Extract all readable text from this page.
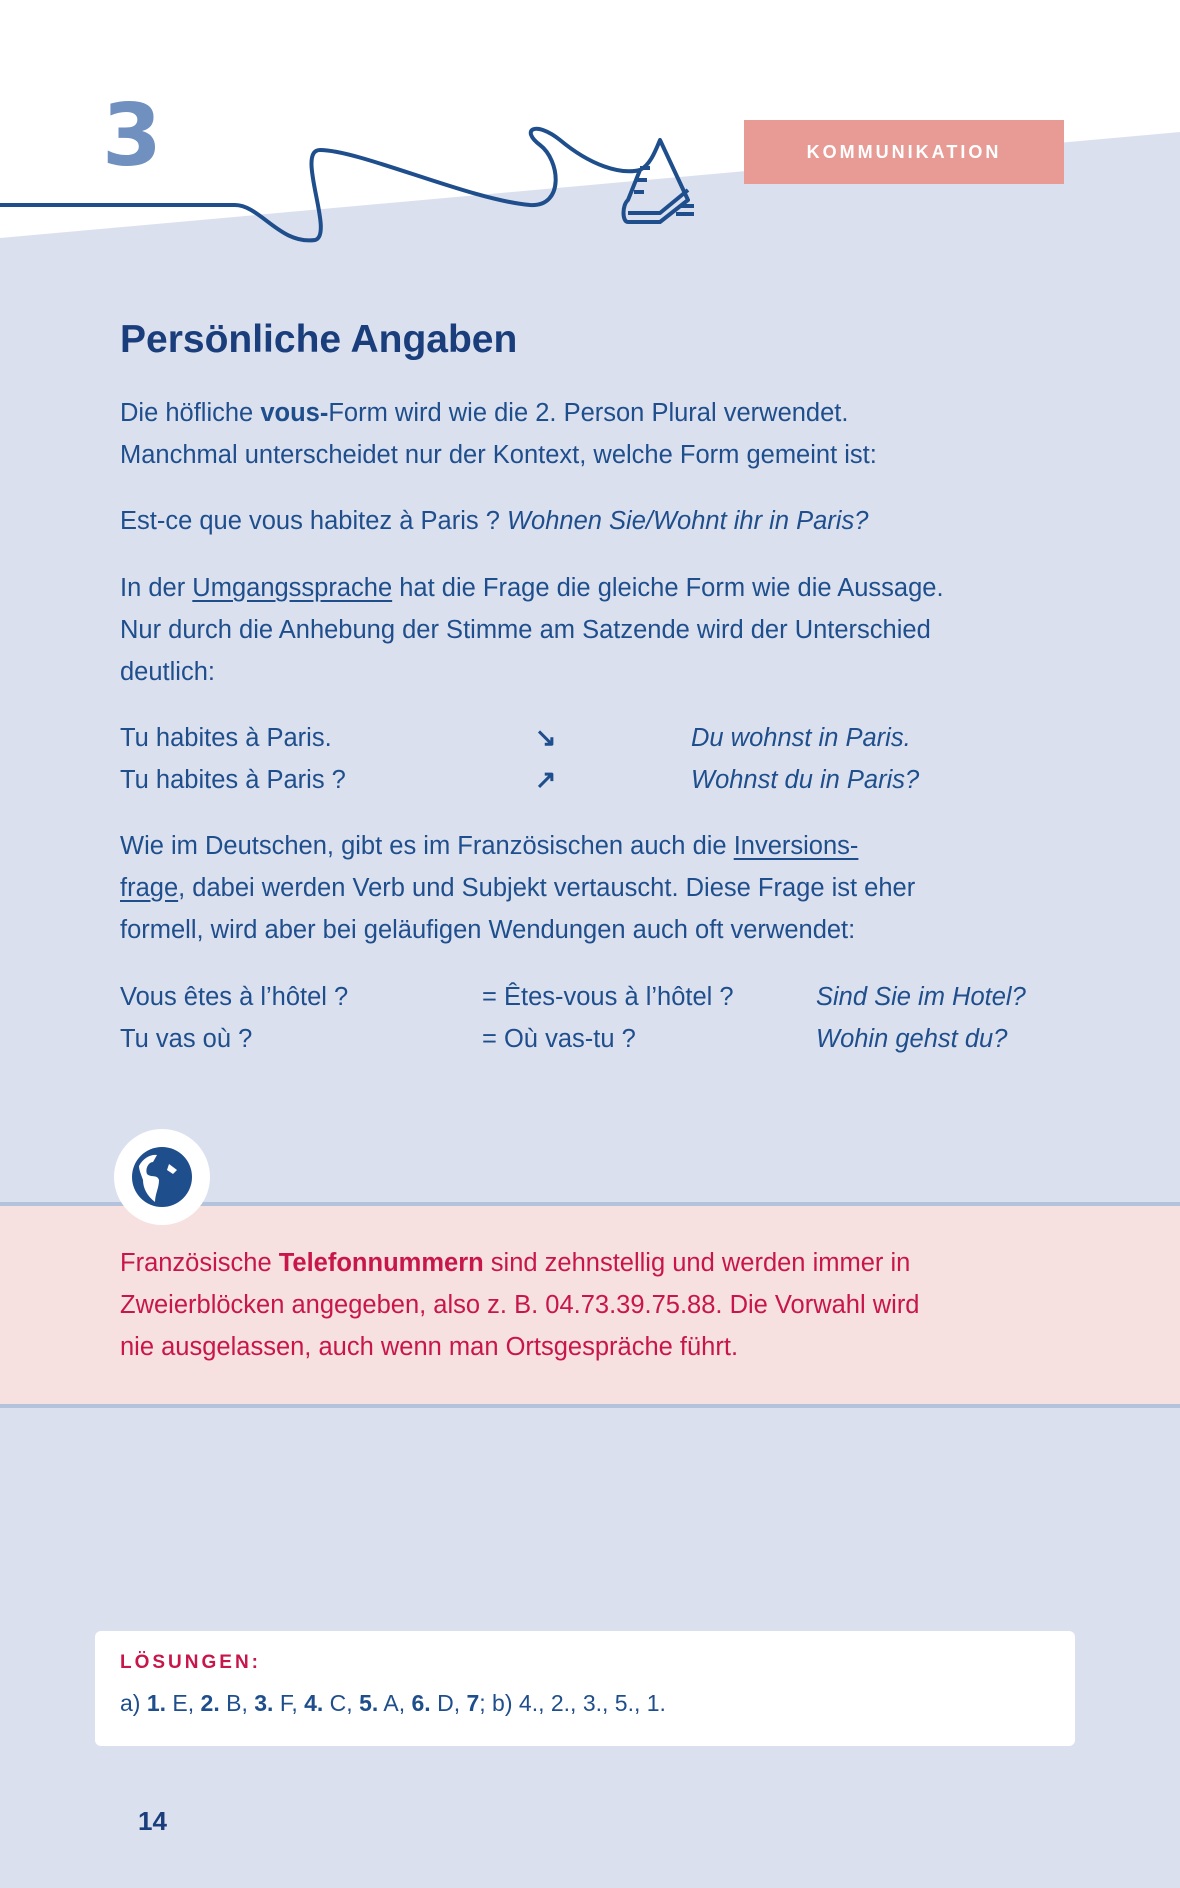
3	KOMMUNIKATION
Persönliche Angaben
Die höfliche vous-Form wird wie die 2. Person Plural verwendet.
Manchmal unterscheidet nur der Kontext, welche Form gemeint ist:
Est-ce que vous habitez à Paris ? Wohnen Sie/Wohnt ihr in Paris?
In der Umgangssprache hat die Frage die gleiche Form wie die Aussage.
Nur durch die Anhebung der Stimme am Satzende wird der Unterschied
deutlich:
Tu habites à Paris.	↘	Du wohnst in Paris.
Tu habites à Paris ?	↗	Wohnst du in Paris?
Wie im Deutschen, gibt es im Französischen auch die Inversions-
frage, dabei werden Verb und Subjekt vertauscht. Diese Frage ist eher
formell, wird aber bei geläufigen Wendungen auch oft verwendet:
Vous êtes à l’hôtel ?	= Êtes-vous à l’hôtel ?	Sind Sie im Hotel?
Tu vas où ?	= Où vas-tu ?	Wohin gehst du?
Französische Telefonnummern sind zehnstellig und werden immer in
Zweierblöcken angegeben, also z. B. 04.73.39.75.88. Die Vorwahl wird
nie ausgelassen, auch wenn man Ortsgespräche führt.
LÖSUNGEN:
a) 1. E, 2. B, 3. F, 4. C, 5. A, 6. D, 7; b) 4., 2., 3., 5., 1.
14
